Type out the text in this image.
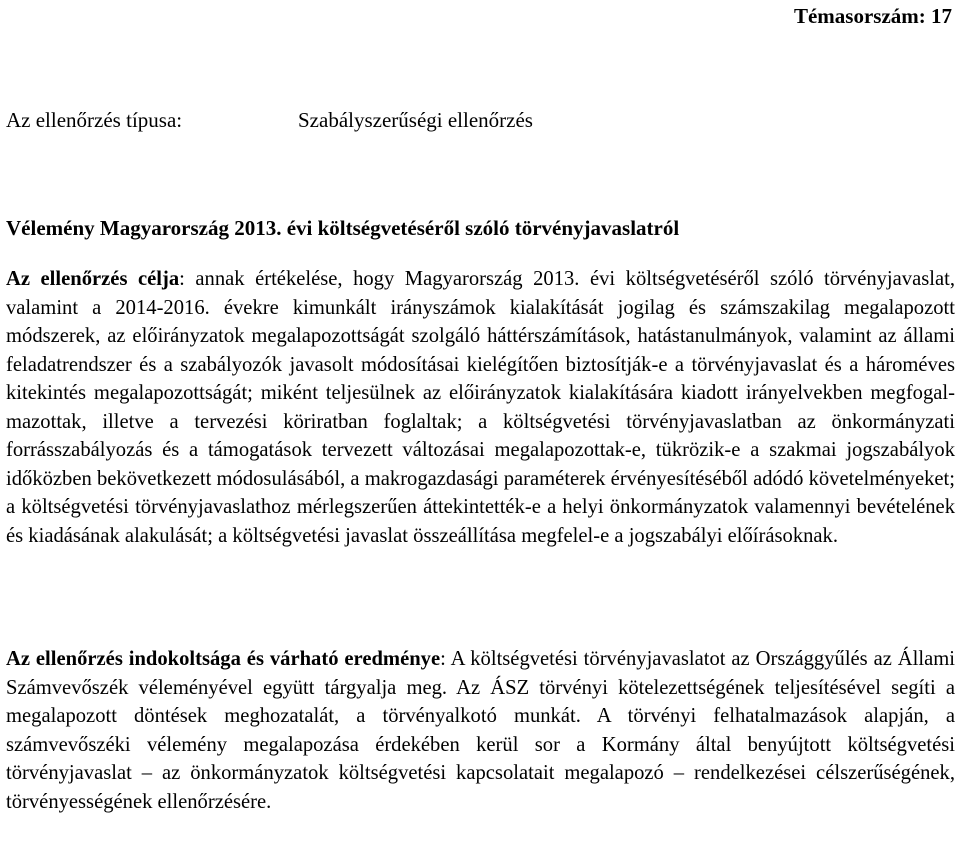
Témasorszám: 17
Az ellenőrzés típusa:	Szabályszerűségi ellenőrzés
Vélemény Magyarország 2013. évi költségvetéséről szóló törvényjavaslatról
Az ellenőrzés célja: annak értékelése, hogy Magyarország 2013. évi költségvetéséről szóló törvényjavaslat, valamint a 2014-2016. évekre kimunkált irányszámok kialakítását jogilag és számszakilag megalapozott módszerek, az előirányzatok megalapozottságát szolgáló háttérszámítások, hatástanulmányok, valamint az állami feladatrendszer és a szabályozók javasolt módosításai kielégítően biztosítják-e a törvényjavaslat és a hároméves kitekintés megalapozottságát; miként teljesülnek az előirányzatok kialakítására kiadott irányelvekben megfogalmazottak, illetve a tervezési köriratban foglaltak; a költségvetési törvényjavaslatban az önkormányzati forrásszabályozás és a támogatások tervezett változásai megalapozottak-e, tükrözik-e a szakmai jogszabályok időközben bekövetkezett módosulásából, a makrogazdasági paraméterek érvényesítéséből adódó követelményeket; a költségvetési törvényjavaslathoz mérlegszerűen áttekintették-e a helyi önkormányzatok valamennyi bevételének és kiadásának alakulását; a költségvetési javaslat összeállítása megfelel-e a jogszabályi előírásoknak.
Az ellenőrzés indokoltsága és várható eredménye: A költségvetési törvényjavaslatot az Országgyűlés az Állami Számvevőszék véleményével együtt tárgyalja meg. Az ÁSZ törvényi kötelezettségének teljesítésével segíti a megalapozott döntések meghozatalát, a törvényalkotó munkát. A törvényi felhatalmazások alapján, a számvevőszéki vélemény megalapozása érdekében kerül sor a Kormány által benyújtott költségvetési törvényjavaslat – az önkormányzatok költségvetési kapcsolatait megalapozó – rendelkezései célszerűségének, törvényességének ellenőrzésére.
